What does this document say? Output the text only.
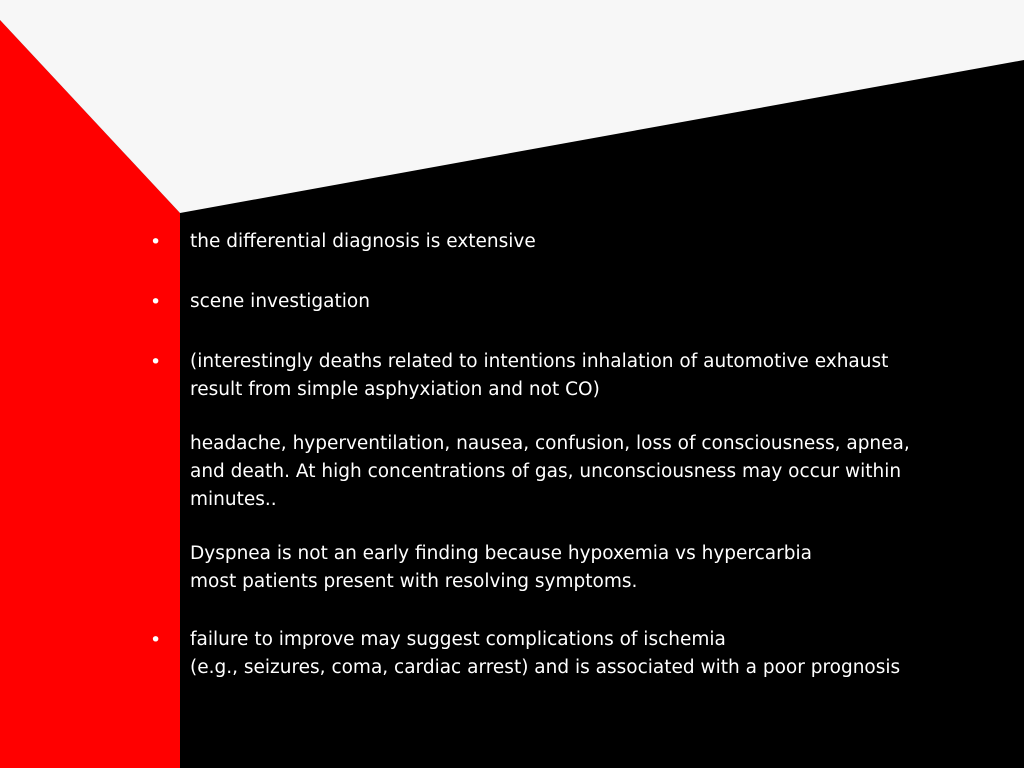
• the differential diagnosis is extensive
• scene investigation
• (interestingly deaths related to intentions inhalation of automotive exhaust
result from simple asphyxiation and not CO)
headache, hyperventilation, nausea, confusion, loss of consciousness, apnea,
and death. At high concentrations of gas, unconsciousness may occur within
minutes..
Dyspnea is not an early finding because hypoxemia vs hypercarbia
most patients present with resolving symptoms.
• failure to improve may suggest complications of ischemia
(e.g., seizures, coma, cardiac arrest) and is associated with a poor prognosis
